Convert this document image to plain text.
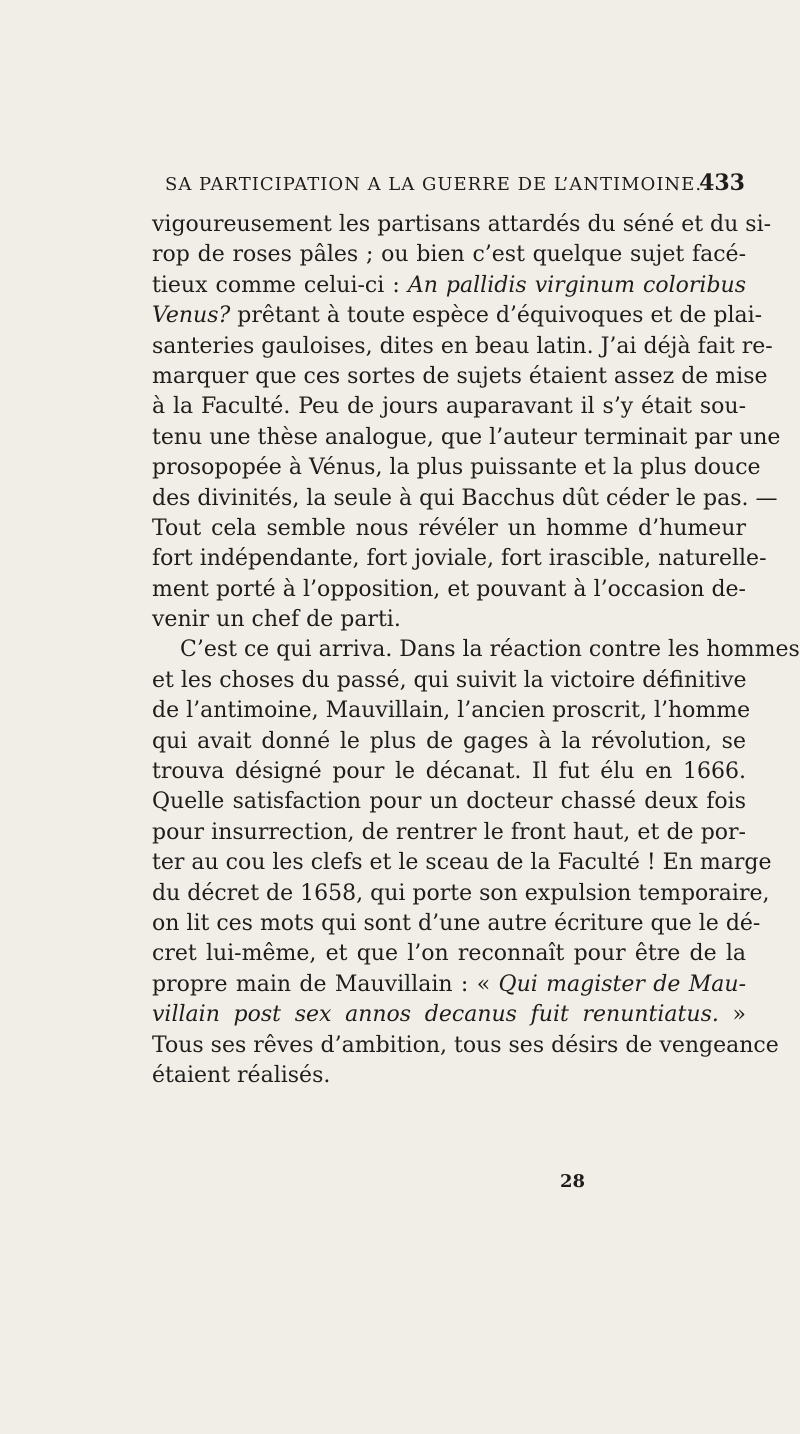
SA PARTICIPATION A LA GUERRE DE L’ANTIMOINE.
433
vigoureusement les partisans attardés du séné et du si-
rop de roses pâles ; ou bien c’est quelque sujet facé-
tieux comme celui-ci : An pallidis virginum coloribus
Venus? prêtant à toute espèce d’équivoques et de plai-
santeries gauloises, dites en beau latin. J’ai déjà fait re-
marquer que ces sortes de sujets étaient assez de mise
à la Faculté. Peu de jours auparavant il s’y était sou-
tenu une thèse analogue, que l’auteur terminait par une
prosopopée à Vénus, la plus puissante et la plus douce
des divinités, la seule à qui Bacchus dût céder le pas. —
Tout cela semble nous révéler un homme d’humeur
fort indépendante, fort joviale, fort irascible, naturelle-
ment porté à l’opposition, et pouvant à l’occasion de-
venir un chef de parti.
C’est ce qui arriva. Dans la réaction contre les hommes
et les choses du passé, qui suivit la victoire définitive
de l’antimoine, Mauvillain, l’ancien proscrit, l’homme
qui avait donné le plus de gages à la révolution, se
trouva désigné pour le décanat. Il fut élu en 1666.
Quelle satisfaction pour un docteur chassé deux fois
pour insurrection, de rentrer le front haut, et de por-
ter au cou les clefs et le sceau de la Faculté ! En marge
du décret de 1658, qui porte son expulsion temporaire,
on lit ces mots qui sont d’une autre écriture que le dé-
cret lui-même, et que l’on reconnaît pour être de la
propre main de Mauvillain : « Qui magister de Mau-
villain post sex annos decanus fuit renuntiatus. »
Tous ses rêves d’ambition, tous ses désirs de vengeance
étaient réalisés.
28
